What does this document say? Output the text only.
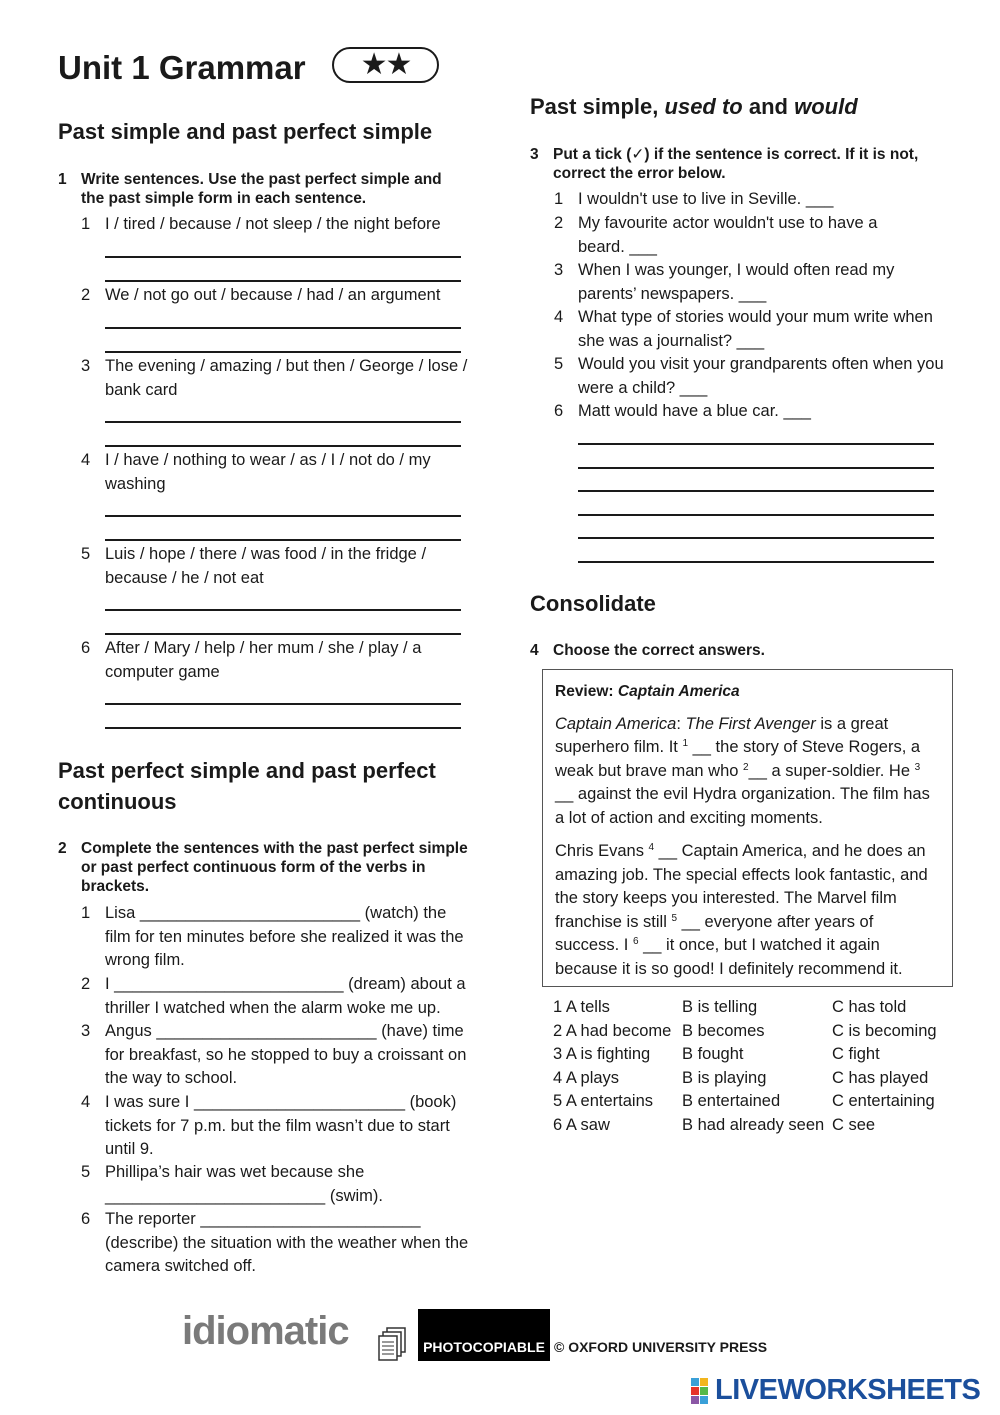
Unit 1 Grammar	★★
Past simple and past perfect simple
1 Write sentences. Use the past perfect simple and the past simple form in each sentence.
1 I / tired / because / not sleep / the night before
2 We / not go out / because / had / an argument
3 The evening / amazing / but then / George / lose / bank card
4 I / have / nothing to wear / as / I / not do / my washing
5 Luis / hope / there / was food / in the fridge / because / he / not eat
6 After / Mary / help / her mum / she / play / a computer game
Past perfect simple and past perfect continuous
2 Complete the sentences with the past perfect simple or past perfect continuous form of the verbs in brackets.
1 Lisa ________________________ (watch) the film for ten minutes before she realized it was the wrong film.
2 I _________________________ (dream) about a thriller I watched when the alarm woke me up.
3 Angus ________________________ (have) time for breakfast, so he stopped to buy a croissant on the way to school.
4 I was sure I _______________________ (book) tickets for 7 p.m. but the film wasn’t due to start until 9.
5 Phillipa’s hair was wet because she ________________________ (swim).
6 The reporter ________________________ (describe) the situation with the weather when the camera switched off.
Past simple, used to and would
3 Put a tick (✓) if the sentence is correct. If it is not, correct the error below.
1 I wouldn't use to live in Seville. ___
2 My favourite actor wouldn't use to have a beard. ___
3 When I was younger, I would often read my parents’ newspapers. ___
4 What type of stories would your mum write when she was a journalist? ___
5 Would you visit your grandparents often when you were a child? ___
6 Matt would have a blue car. ___
Consolidate
4 Choose the correct answers.
Review: Captain America

Captain America: The First Avenger is a great superhero film. It $^1$ __ the story of Steve Rogers, a weak but brave man who $^2$__ a super-soldier. He $^3$ __ against the evil Hydra organization. The film has a lot of action and exciting moments.

Chris Evans $^4$ __ Captain America, and he does an amazing job. The special effects look fantastic, and the story keeps you interested. The Marvel film franchise is still $^5$ __ everyone after years of success. I $^6$ __ it once, but I watched it again because it is so good! I definitely recommend it.

1 A tells	B is telling	C has told
2 A had become	B becomes	C is becoming
3 A is fighting	B fought	C fight
4 A plays	B is playing	C has played
5 A entertains	B entertained	C entertaining
6 A saw	B had already seen	C see
idiomatic	PHOTOCOPIABLE © OXFORD UNIVERSITY PRESS
LIVEWORKSHEETS
